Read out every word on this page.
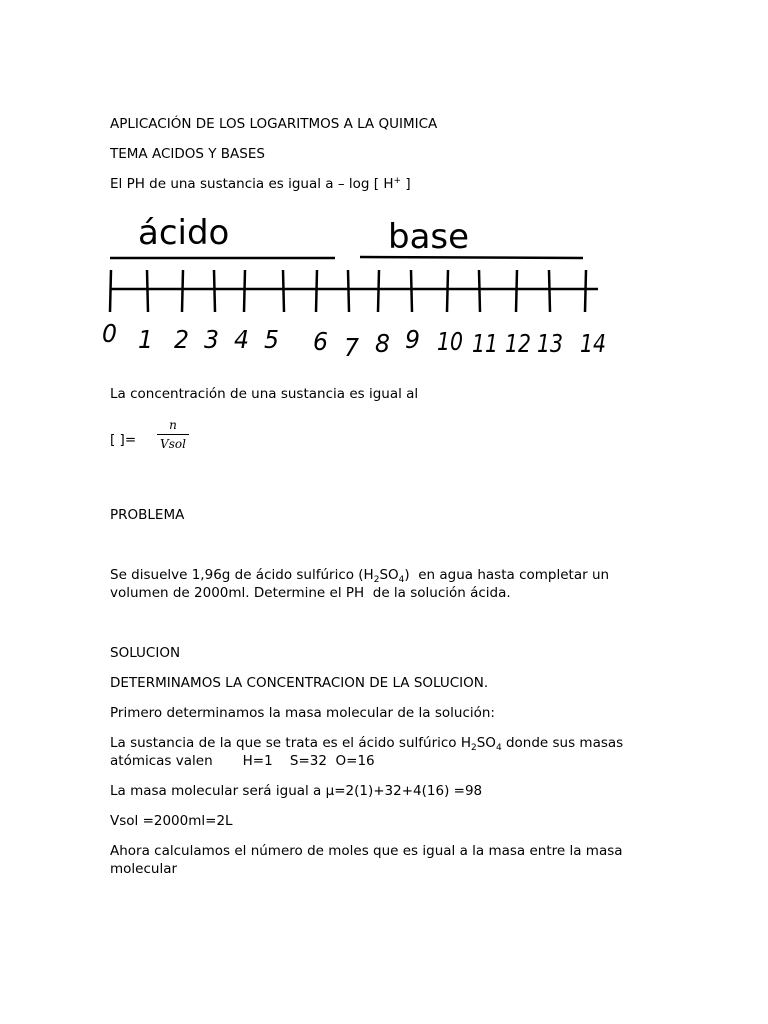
APLICACIÓN DE LOS LOGARITMOS A LA QUIMICA

TEMA ACIDOS Y BASES

El PH de una sustancia es igual a – log [ H+ ]

ácido	base
0 1 2 3 4 5 6 7 8 9 10 11 12 13 14

La concentración de una sustancia es igual al

[ ]=
n
Vsol

PROBLEMA

Se disuelve 1,96g de ácido sulfúrico $(H_2SO_4)$  en agua hasta completar un volumen de 2000ml. Determine el PH  de la solución ácida.

SOLUCION

DETERMINAMOS LA CONCENTRACION DE LA SOLUCION.

Primero determinamos la masa molecular de la solución:

La sustancia de la que se trata es el ácido sulfúrico $H_2SO_4$ donde sus masas atómicas valen       H=1    S=32  O=16

La masa molecular será igual a µ=2(1)+32+4(16) =98

Vsol =2000ml=2L

Ahora calculamos el número de moles que es igual a la masa entre la masa molecular
